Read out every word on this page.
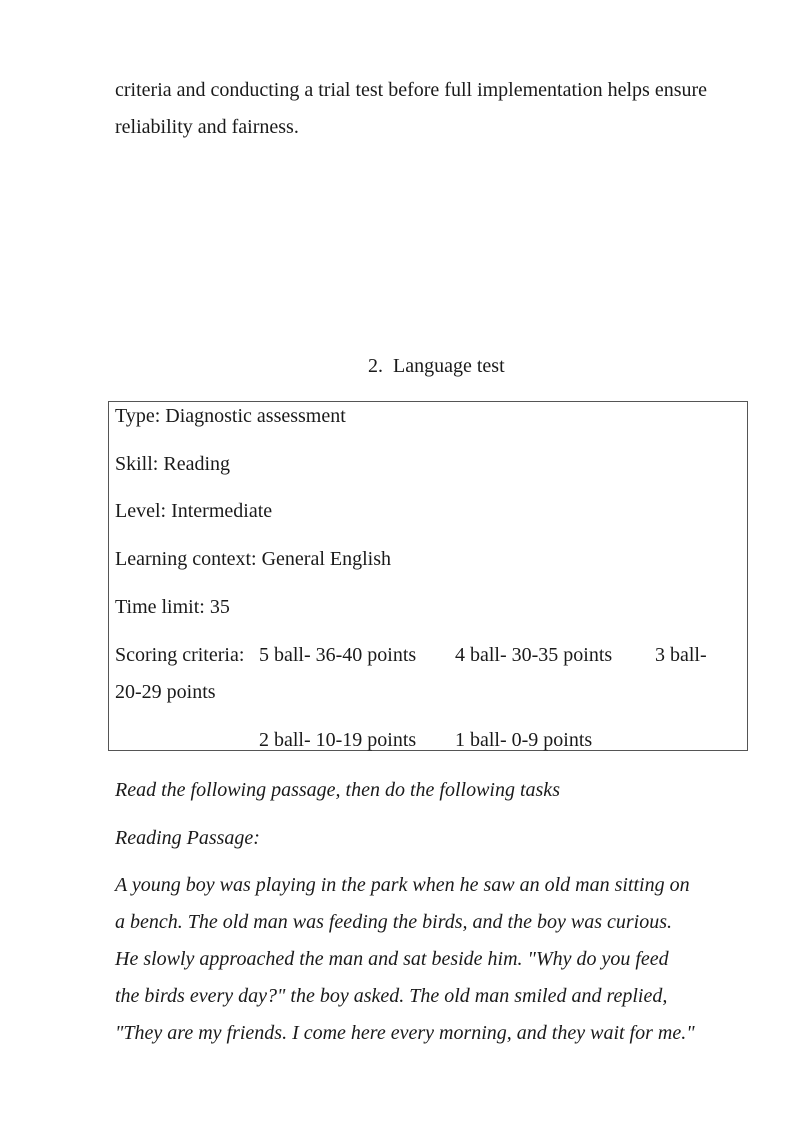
criteria and conducting a trial test before full implementation helps ensure
reliability and fairness.
2. Language test
Type: Diagnostic assessment
Skill: Reading
Level: Intermediate
Learning context: General English
Time limit: 35
Scoring criteria: 5 ball- 36-40 points 4 ball- 30-35 points 3 ball-
20-29 points
2 ball- 10-19 points 1 ball- 0-9 points
Read the following passage, then do the following tasks
Reading Passage:
A young boy was playing in the park when he saw an old man sitting on
a bench. The old man was feeding the birds, and the boy was curious.
He slowly approached the man and sat beside him. "Why do you feed
the birds every day?" the boy asked. The old man smiled and replied,
"They are my friends. I come here every morning, and they wait for me."
